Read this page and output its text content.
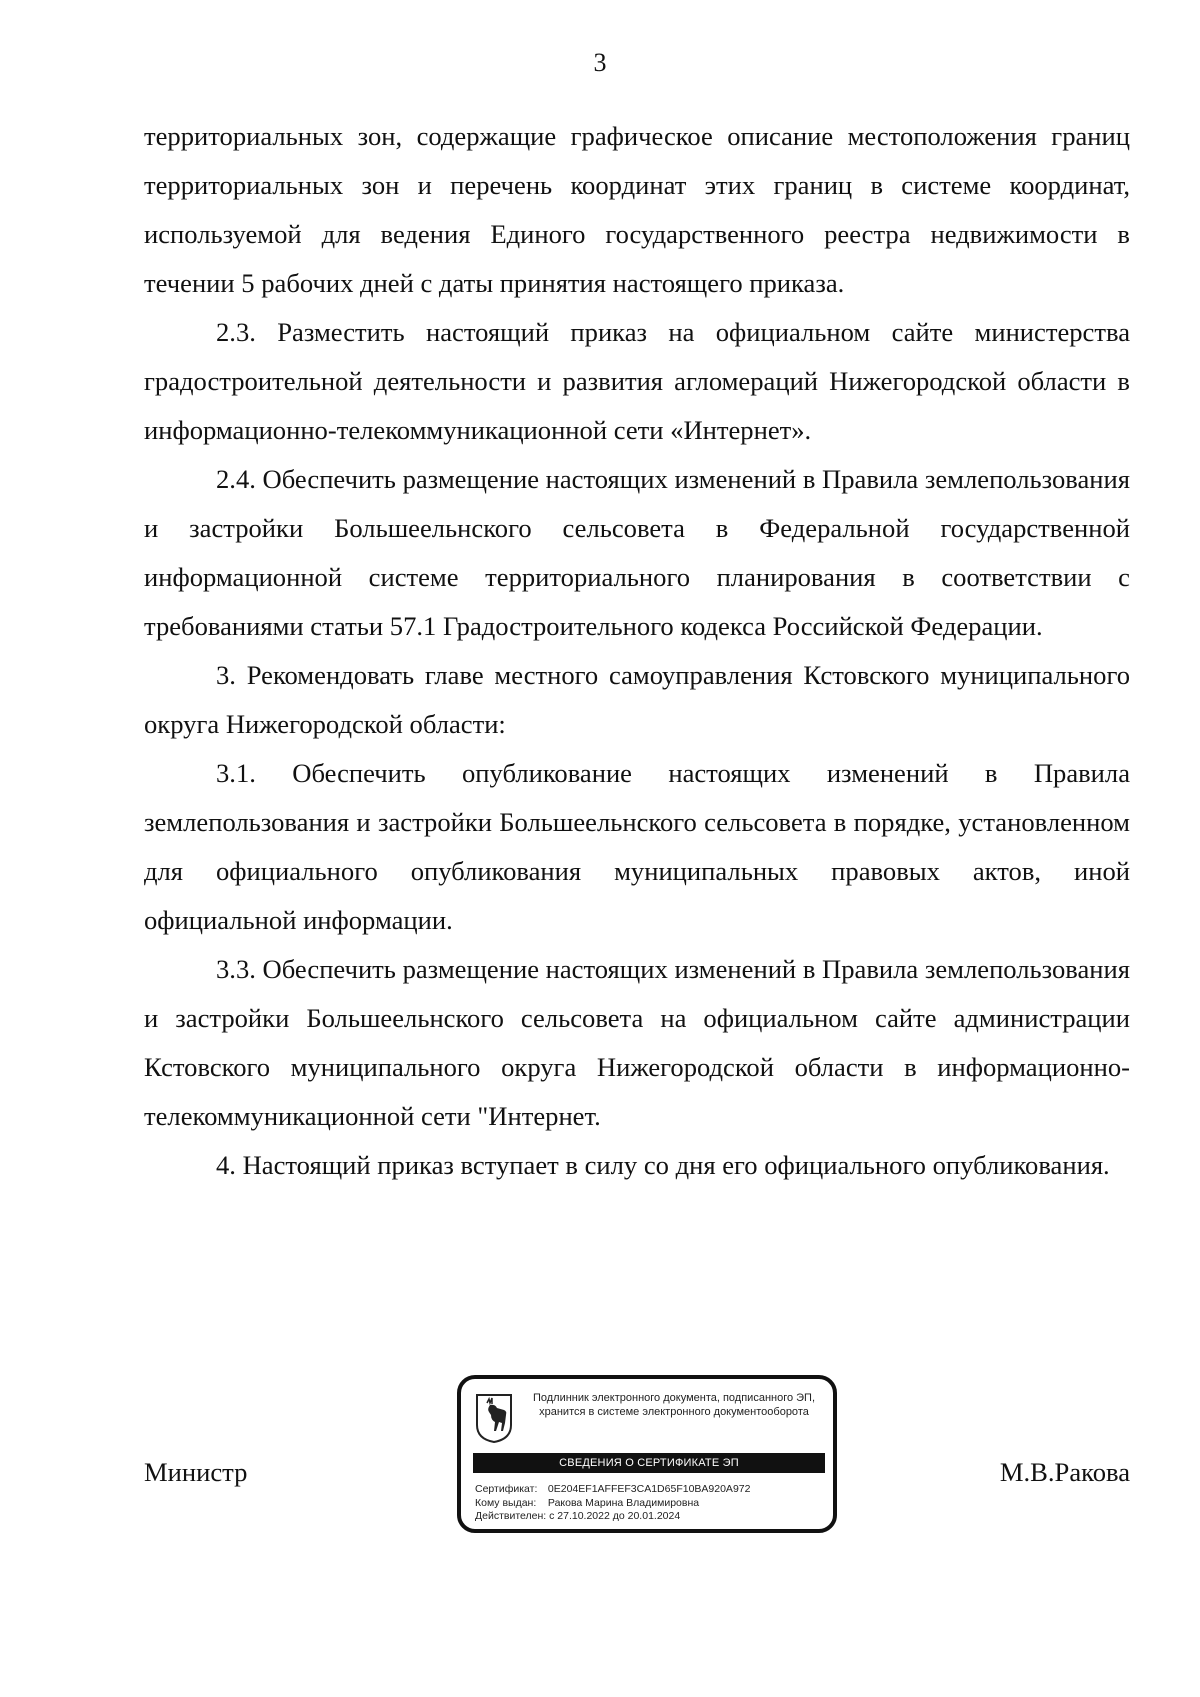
3

территориальных зон, содержащие графическое описание местоположения границ территориальных зон и перечень координат этих границ в системе координат, используемой для ведения Единого государственного реестра недвижимости в течении 5 рабочих дней с даты принятия настоящего приказа.

2.3. Разместить настоящий приказ на официальном сайте министерства градостроительной деятельности и развития агломераций Нижегородской области в информационно-телекоммуникационной сети «Интернет».

2.4. Обеспечить размещение настоящих изменений в Правила землепользования и застройки Большеельнского сельсовета в Федеральной государственной информационной системе территориального планирования в соответствии с требованиями статьи 57.1 Градостроительного кодекса Российской Федерации.

3. Рекомендовать главе местного самоуправления Кстовского муниципального округа Нижегородской области:

3.1. Обеспечить опубликование настоящих изменений в Правила землепользования и застройки Большеельнского сельсовета в порядке, установленном для официального опубликования муниципальных правовых актов, иной официальной информации.

3.3. Обеспечить размещение настоящих изменений в Правила землепользования и застройки Большеельнского сельсовета на официальном сайте администрации Кстовского муниципального округа Нижегородской области в информационно-телекоммуникационной сети "Интернет.

4. Настоящий приказ вступает в силу со дня его официального опубликования.

Министр	М.В.Ракова
Подлинник электронного документа, подписанного ЭП,
хранится в системе электронного документооборота
СВЕДЕНИЯ О СЕРТИФИКАТЕ ЭП
Сертификат: 0E204EF1AFFEF3CA1D65F10BA920A972
Кому выдан: Ракова Марина Владимировна
Действителен: с 27.10.2022 до 20.01.2024
